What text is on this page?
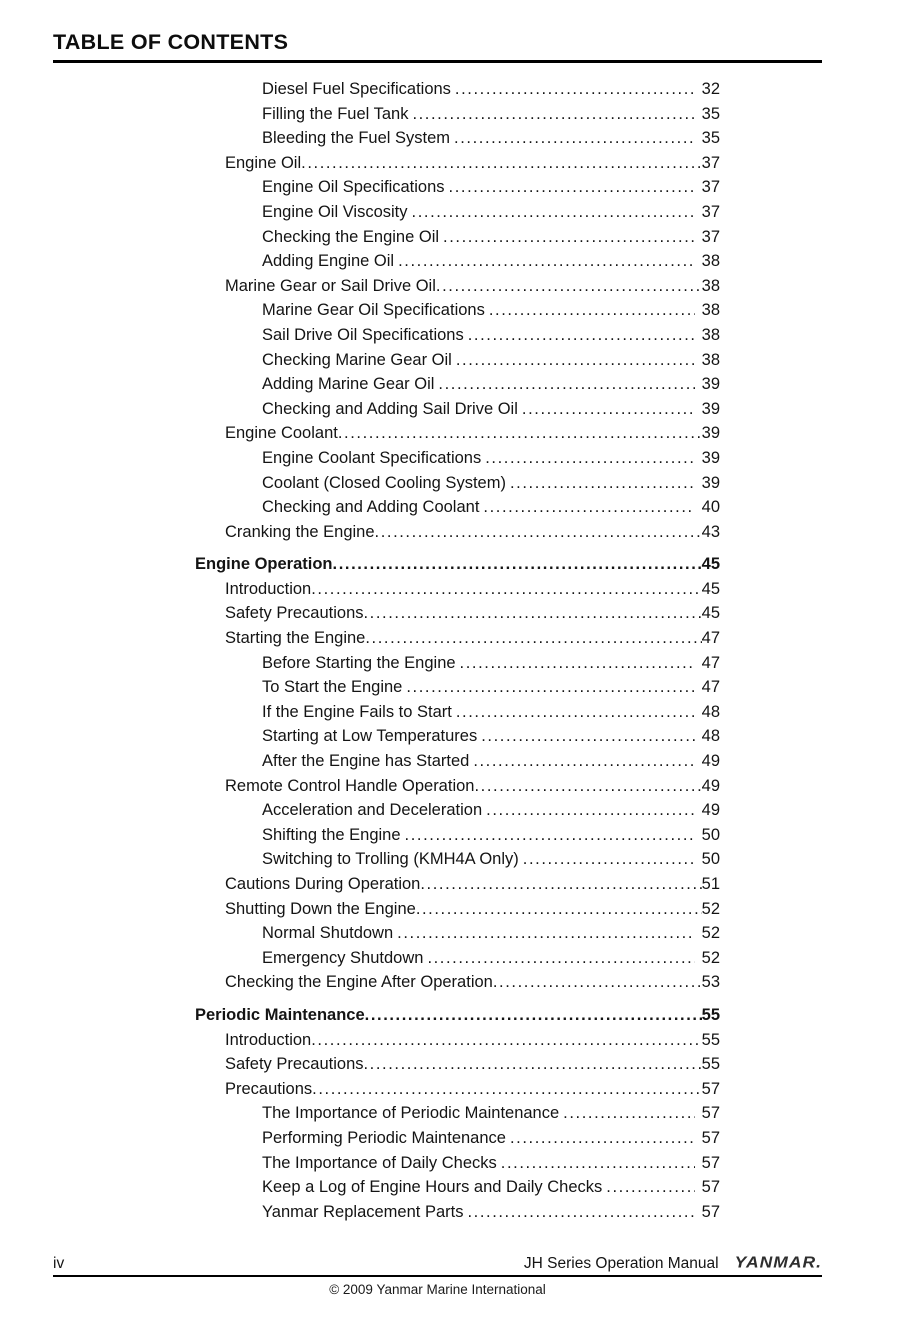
TABLE OF CONTENTS
Diesel Fuel Specifications .....	32
Filling the Fuel Tank .....	35
Bleeding the Fuel System .....	35
Engine Oil .....	37
Engine Oil Specifications .....	37
Engine Oil Viscosity .....	37
Checking the Engine Oil .....	37
Adding Engine Oil .....	38
Marine Gear or Sail Drive Oil .....	38
Marine Gear Oil Specifications .....	38
Sail Drive Oil Specifications .....	38
Checking Marine Gear Oil .....	38
Adding Marine Gear Oil .....	39
Checking and Adding Sail Drive Oil .....	39
Engine Coolant .....	39
Engine Coolant Specifications .....	39
Coolant (Closed Cooling System) .....	39
Checking and Adding Coolant .....	40
Cranking the Engine .....	43
Engine Operation .....	45
Introduction .....	45
Safety Precautions .....	45
Starting the Engine .....	47
Before Starting the Engine .....	47
To Start the Engine .....	47
If the Engine Fails to Start .....	48
Starting at Low Temperatures .....	48
After the Engine has Started .....	49
Remote Control Handle Operation .....	49
Acceleration and Deceleration .....	49
Shifting the Engine .....	50
Switching to Trolling (KMH4A Only) .....	50
Cautions During Operation .....	51
Shutting Down the Engine .....	52
Normal Shutdown .....	52
Emergency Shutdown .....	52
Checking the Engine After Operation .....	53
Periodic Maintenance .....	55
Introduction .....	55
Safety Precautions .....	55
Precautions .....	57
The Importance of Periodic Maintenance .....	57
Performing Periodic Maintenance .....	57
The Importance of Daily Checks .....	57
Keep a Log of Engine Hours and Daily Checks .....	57
Yanmar Replacement Parts .....	57
iv	JH Series Operation Manual YANMAR.
© 2009 Yanmar Marine International
